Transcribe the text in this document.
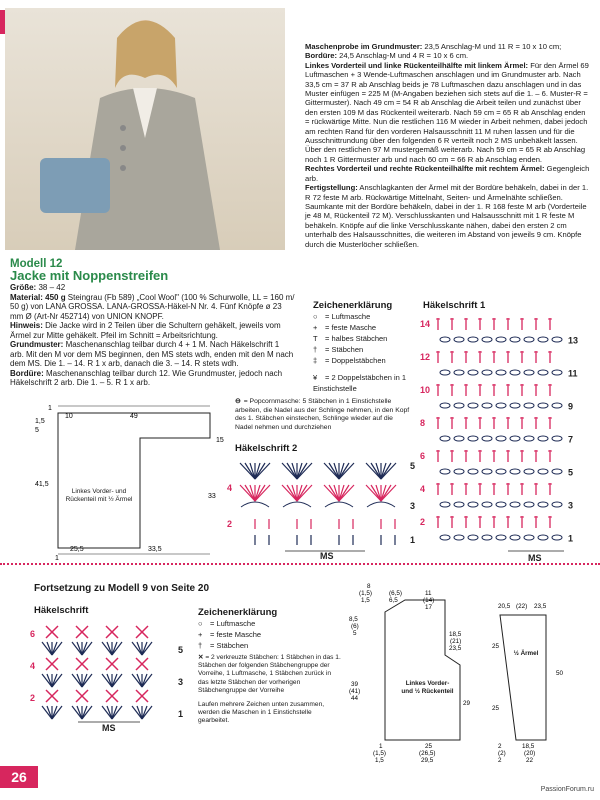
Modell 12
Jacke mit Noppenstreifen
Größe: 38 – 42
Material: 450 g Steingrau (Fb 589) „Cool Wool" (100 % Schurwolle, LL = 160 m/ 50 g) von LANA GROSSA. LANA-GROSSA-Häkel-N Nr. 4. Fünf Knöpfe ø 23 mm Ø (Art-Nr 452714) von UNION KNOPF.
Hinweis: Die Jacke wird in 2 Teilen über die Schultern gehäkelt, jeweils vom Ärmel zur Mitte gehäkelt. Pfeil im Schnitt = Arbeitsrichtung.
Grundmuster: Maschenanschlag teilbar durch 4 + 1 M. Nach Häkelschrift 1 arb. Mit den M vor dem MS beginnen, den MS stets wdh, enden mit den M nach dem MS. Die 1. – 14. R 1 x arb, danach die 3. – 14. R stets wdh.
Bordüre: Maschenanschlag teilbar durch 12. Wie Grundmuster, jedoch nach Häkelschrift 2 arb. Die 1. – 5. R 1 x arb.
Maschenprobe im Grundmuster: 23,5 Anschlag-M und 11 R = 10 x 10 cm;
Bordüre: 24,5 Anschlag-M und 4 R = 10 x 6 cm.
Linkes Vorderteil und linke Rückenteilhälfte mit linkem Ärmel: Für den Ärmel 69 Luftmaschen + 3 Wende-Luftmaschen anschlagen und im Grundmuster arb. Nach 33,5 cm = 37 R ab Anschlag beids je 78 Luftmaschen dazu anschlagen und in das Muster einfügen = 225 M (M-Angaben beziehen sich stets auf die 1. – 6. Muster-R = Gittermuster). Nach 49 cm = 54 R ab Anschlag die Arbeit teilen und zunächst über den ersten 109 M das Rückenteil weiterarb. Nach 59 cm = 65 R ab Anschlag enden = rückwärtige Mitte. Nun die restlichen 116 M wieder in Arbeit nehmen, dabei jedoch am rechten Rand für den vorderen Halsausschnitt 11 M ruhen lassen und für die Ausschnittrundung über den folgenden 6 R verteilt noch 2 MS unbehäkelt lassen. Über den restlichen 97 M mustergemäß weiterarb. Nach 59 cm = 65 R ab Anschlag noch 1 R Gittermuster arb und nach 60 cm = 66 R ab Anschlag enden.
Rechtes Vorderteil und rechte Rückenteilhälfte mit rechtem Ärmel: Gegengleich arb.
Fertigstellung: Anschlagkanten der Ärmel mit der Bordüre behäkeln, dabei in der 1. R 72 feste M arb. Rückwärtige Mittelnaht, Seiten- und Ärmelnähte schließen. Saumkante mit der Bordüre behäkeln, dabei in der 1. R 168 feste M arb (Vorderteile je 48 M, Rückenteil 72 M). Verschlusskanten und Halsausschnitt mit 1 R feste M behäkeln. Knöpfe auf die linke Verschlusskante nähen, dabei den ersten 2 cm unterhalb des Halsausschnittes, die weiteren im Abstand von jeweils 9 cm. Knöpfe durch die Musterlöcher schließen.
1
1,5
5
10	49
15
41,5
33
1
25,5	33,5
Linkes Vorder- und Rückenteil mit ½ Ärmel
Zeichenerklärung
○ = Luftmasche
+ = feste Masche
T = halbes Stäbchen
† = Stäbchen
‡ = Doppelstäbchen
¥ = 2 Doppelstäbchen in 1 Einstichstelle
⊖ = Popcornmasche: 5 Stäbchen in 1 Einstichstelle arbeiten, die Nadel aus der Schlinge nehmen, in den Kopf des 1. Stäbchen einstechen, Schlinge wieder auf die Nadel nehmen und durchziehen
Häkelschrift 1
14
13
12
11
10
9
8
7
6
5
4
3
2
1
MS
Häkelschrift 2
5
4
3
2
1
MS
Fortsetzung zu Modell 9 von Seite 20
Häkelschrift
6
5
4
3
2
1
MS
Zeichenerklärung
○ = Luftmasche
+ = feste Masche
† = Stäbchen
✕ = 2 verkreuzte Stäbchen: 1 Stäbchen in das 1. Stäbchen der folgenden Stäbchengruppe der Vorreihe, 1 Luftmasche, 1 Stäbchen zurück in das letzte Stäbchen der vorherigen Stäbchengruppe der Vorreihe
Laufen mehrere Zeichen unten zusammen, werden die Maschen in 1 Einstichstelle gearbeitet.
8
(1,5)
1,5
(6,5)
6,5
11
(14)
17
8,5
(6)
5
39
(41)
44
18,5
(21)
23,5
29
25
(26,5)
29,5
1
(1,5)
1,5
Linkes Vorder- und ½ Rückenteil
20,5 (22) 23,5
25
50
25
18,5
(20)
22
2
(2)
2
½ Ärmel
26
PassionForum.ru
